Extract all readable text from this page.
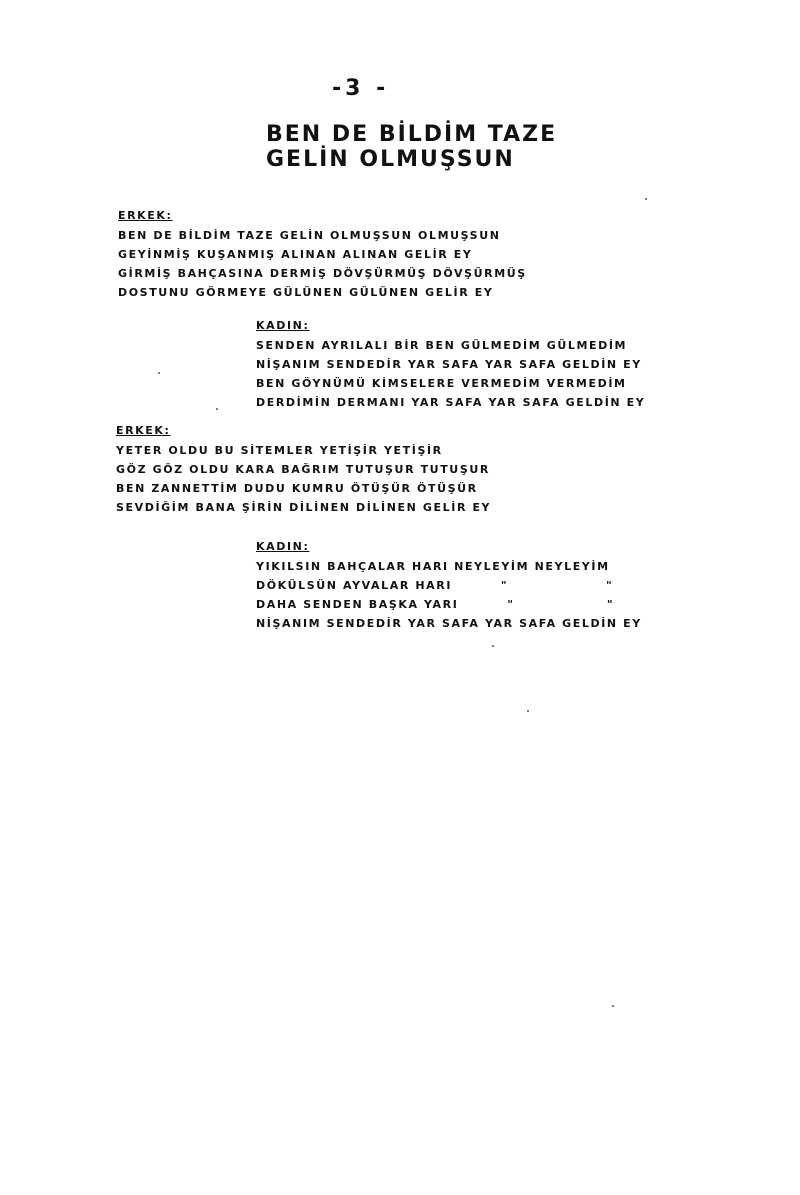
-3 -
BEN DE BİLDİM TAZE
GELİN OLMUŞSUN
ERKEK:
BEN DE BİLDİM TAZE GELİN OLMUŞSUN OLMUŞSUN
GEYİNMİŞ KUŞANMIŞ ALINAN ALINAN GELİR EY
GİRMİŞ BAHÇASINA DERMİŞ DÖVŞÜRMÜŞ DÖVŞÜRMÜŞ
DOSTUNU GÖRMEYE GÜLÜNEN GÜLÜNEN GELİR EY
KADIN:
SENDEN AYRILALI BİR BEN GÜLMEDİM GÜLMEDİM
NİŞANIM SENDEDİR YAR SAFA YAR SAFA GELDİN EY
BEN GÖYNÜMÜ KİMSELERE VERMEDİM VERMEDİM
DERDİMİN DERMANI YAR SAFA YAR SAFA GELDİN EY
ERKEK:
YETER OLDU BU SİTEMLER YETİŞİR YETİŞİR
GÖZ GÖZ OLDU KARA BAĞRIM TUTUŞUR TUTUŞUR
BEN ZANNETTİM DUDU KUMRU ÖTÜŞÜR ÖTÜŞÜR
SEVDİĞİM BANA ŞİRİN DİLİNEN DİLİNEN GELİR EY
KADIN:
YIKILSIN BAHÇALAR HARI NEYLEYİM NEYLEYİM
DÖKÜLSÜN AYVALAR HARI         "                  "
DAHA SENDEN BAŞKA YARI         "                 "
NİŞANIM SENDEDİR YAR SAFA YAR SAFA GELDİN EY
